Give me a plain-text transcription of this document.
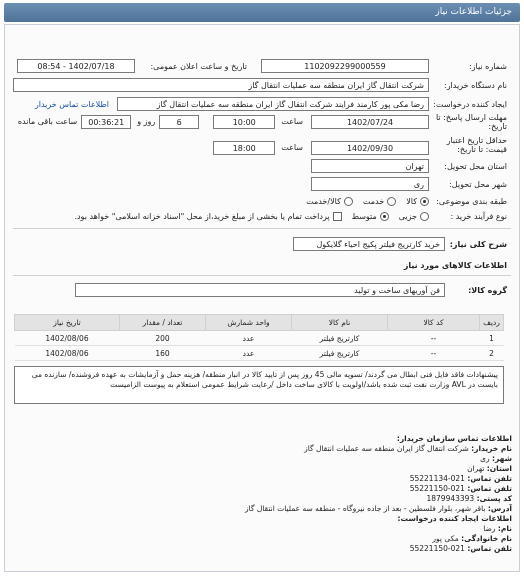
جزئیات اطلاعات نیاز
شماره نیاز:
1102092299000559
تاریخ و ساعت اعلان عمومی:
1402/07/18 - 08:54
نام دستگاه خریدار:
شرکت انتقال گاز ایران منطقه سه عملیات انتقال گاز
ایجاد کننده درخواست:
رضا مکی پور کارمند فرایند شرکت انتقال گاز ایران منطقه سه عملیات انتقال گاز
اطلاعات تماس خریدار
مهلت ارسال پاسخ: تا
تاریخ:
1402/07/24
ساعت
10:00
6
روز و
00:36:21
ساعت باقی مانده
حداقل تاریخ اعتبار
قیمت: تا تاریخ:
1402/09/30
ساعت
18:00
استان محل تحویل:
تهران
شهر محل تحویل:
ری
طبقه بندی موضوعی:
کالا
خدمت
کالا/خدمت
نوع فرآیند خرید :
جزیی
متوسط
پرداخت تمام یا بخشی از مبلغ خرید،از محل "اسناد خزانه اسلامی" خواهد بود.
شرح کلی نیاز:
خرید کارتریج فیلتر پکیج احیاء گلایکول
اطلاعات کالاهای مورد نیاز
گروه کالا:
فن آوریهای ساخت و تولید
ردیف	کد کالا	نام کالا	واحد شمارش	تعداد / مقدار	تاریخ نیاز
1	--	کارتریج فیلتر	عدد	200	1402/08/06
2	--	کارتریج فیلتر	عدد	160	1402/08/06
پیشنهادات فاقد فایل فنی ابطال می گردند/ تسویه مالی 45 روز پس از تایید کالا در انبار منطقه/ هزینه حمل و آزمایشات به عهده فروشنده/ سازنده می بایست در AVL وزارت نفت ثبت شده باشد/اولویت با کالای ساخت داخل /رعایت شرایط عمومی استعلام به پیوست الزامیست
اطلاعات تماس سازمان خریدار:
نام خریدار: شرکت انتقال گاز ایران منطقه سه عملیات انتقال گاز
شهر: ری
استان: تهران
تلفن تماس: 021-55221134
تلفن تماس: 021-55221150
کد پستی: 1879943393
آدرس: باقر شهر، بلوار فلسطین - بعد از جاده نیروگاه - منطقه سه عملیات انتقال گاز
اطلاعات ایجاد کننده درخواست:
نام: رضا
نام خانوادگی: مکی پور
تلفن تماس: 021-55221150
